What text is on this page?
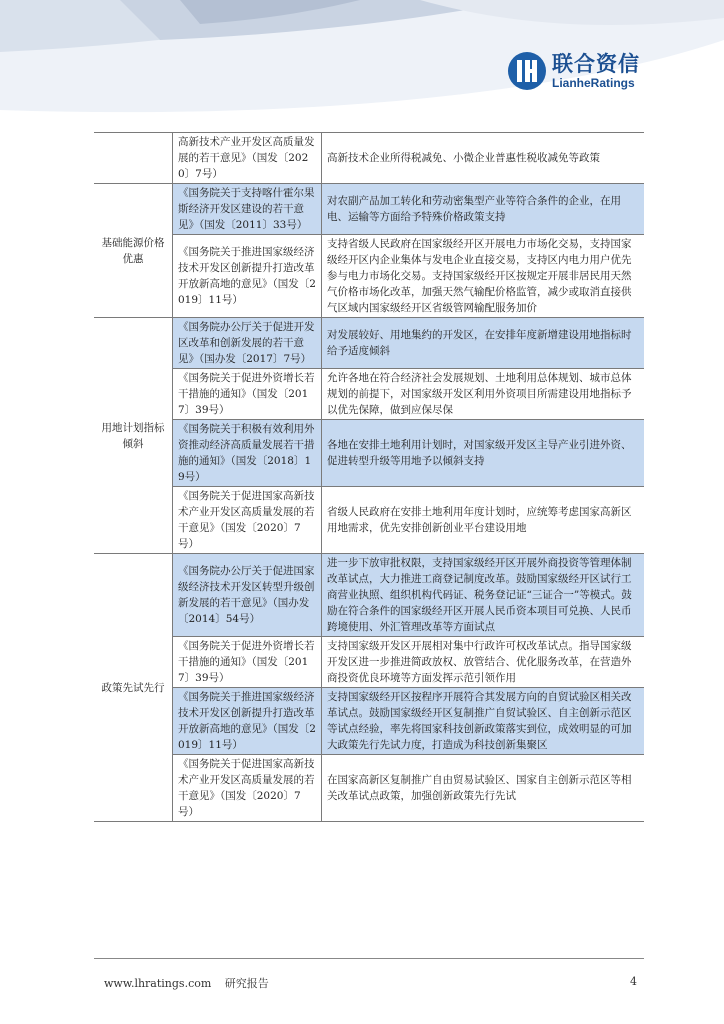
联合资信
LianheRatings
	高新技术产业开发区高质量发展的若干意见》（国发〔2020〕7号）	高新技术企业所得税减免、小微企业普惠性税收减免等政策
基础能源价格优惠	《国务院关于支持喀什霍尔果斯经济开发区建设的若干意见》（国发〔2011〕33号）	对农副产品加工转化和劳动密集型产业等符合条件的企业，在用电、运输等方面给予特殊价格政策支持
	《国务院关于推进国家级经济技术开发区创新提升打造改革开放新高地的意见》（国发〔2019〕11号）	支持省级人民政府在国家级经开区开展电力市场化交易，支持国家级经开区内企业集体与发电企业直接交易，支持区内电力用户优先参与电力市场化交易。支持国家级经开区按规定开展非居民用天然气价格市场化改革，加强天然气输配价格监管，减少或取消直接供气区域内国家级经开区省级管网输配服务加价
用地计划指标倾斜	《国务院办公厅关于促进开发区改革和创新发展的若干意见》（国办发〔2017〕7号）	对发展较好、用地集约的开发区，在安排年度新增建设用地指标时给予适度倾斜
	《国务院关于促进外资增长若干措施的通知》（国发〔2017〕39号）	允许各地在符合经济社会发展规划、土地利用总体规划、城市总体规划的前提下，对国家级开发区利用外资项目所需建设用地指标予以优先保障，做到应保尽保
	《国务院关于积极有效利用外资推动经济高质量发展若干措施的通知》（国发〔2018〕19号）	各地在安排土地利用计划时，对国家级开发区主导产业引进外资、促进转型升级等用地予以倾斜支持
	《国务院关于促进国家高新技术产业开发区高质量发展的若干意见》（国发〔2020〕7号）	省级人民政府在安排土地利用年度计划时，应统筹考虑国家高新区用地需求，优先安排创新创业平台建设用地
政策先试先行	《国务院办公厅关于促进国家级经济技术开发区转型升级创新发展的若干意见》（国办发〔2014〕54号）	进一步下放审批权限，支持国家级经开区开展外商投资等管理体制改革试点，大力推进工商登记制度改革。鼓励国家级经开区试行工商营业执照、组织机构代码证、税务登记证“三证合一”等模式。鼓励在符合条件的国家级经开区开展人民币资本项目可兑换、人民币跨境使用、外汇管理改革等方面试点
	《国务院关于促进外资增长若干措施的通知》（国发〔2017〕39号）	支持国家级开发区开展相对集中行政许可权改革试点。指导国家级开发区进一步推进简政放权、放管结合、优化服务改革，在营造外商投资优良环境等方面发挥示范引领作用
	《国务院关于推进国家级经济技术开发区创新提升打造改革开放新高地的意见》（国发〔2019〕11号）	支持国家级经开区按程序开展符合其发展方向的自贸试验区相关改革试点。鼓励国家级经开区复制推广自贸试验区、自主创新示范区等试点经验，率先将国家科技创新政策落实到位，成效明显的可加大政策先行先试力度，打造成为科技创新集聚区
	《国务院关于促进国家高新技术产业开发区高质量发展的若干意见》（国发〔2020〕7号）	在国家高新区复制推广自由贸易试验区、国家自主创新示范区等相关改革试点政策，加强创新政策先行先试
www.lhratings.com 研究报告	4
